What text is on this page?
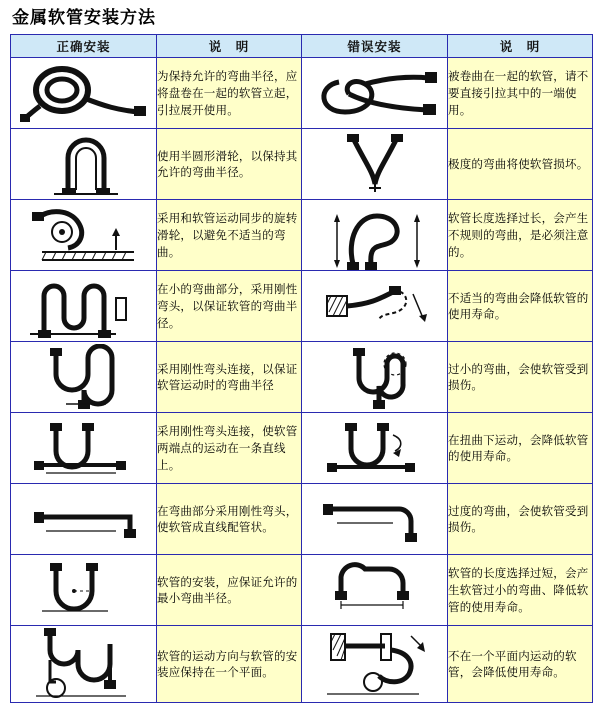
金属软管安装方法
正确安装	说　明	错误安装	说　明

	为保持允许的弯曲半径，应将盘卷在一起的软管立起，引拉展开使用。		被卷曲在一起的软管，请不要直接引拉其中的一端使用。

	使用半圆形滑轮，以保持其允许的弯曲半径。		极度的弯曲将使软管损坏。

	采用和软管运动同步的旋转滑轮，以避免不适当的弯曲。		软管长度选择过长，会产生不规则的弯曲，是必须注意的。

	在小的弯曲部分，采用刚性弯头，以保证软管的弯曲半径。		不适当的弯曲会降低软管的使用寿命。

	采用刚性弯头连接，以保证软管运动时的弯曲半径		过小的弯曲，会使软管受到损伤。

	采用刚性弯头连接，使软管两端点的运动在一条直线上。		在扭曲下运动，会降低软管的使用寿命。

	在弯曲部分采用刚性弯头，使软管成直线配管状。		过度的弯曲，会使软管受到损伤。

	软管的安装，应保证允许的最小弯曲半径。		软管的长度选择过短，会产生软管过小的弯曲、降低软管的使用寿命。

	软管的运动方向与软管的安装应保持在一个平面。		不在一个平面内运动的软管，会降低使用寿命。
